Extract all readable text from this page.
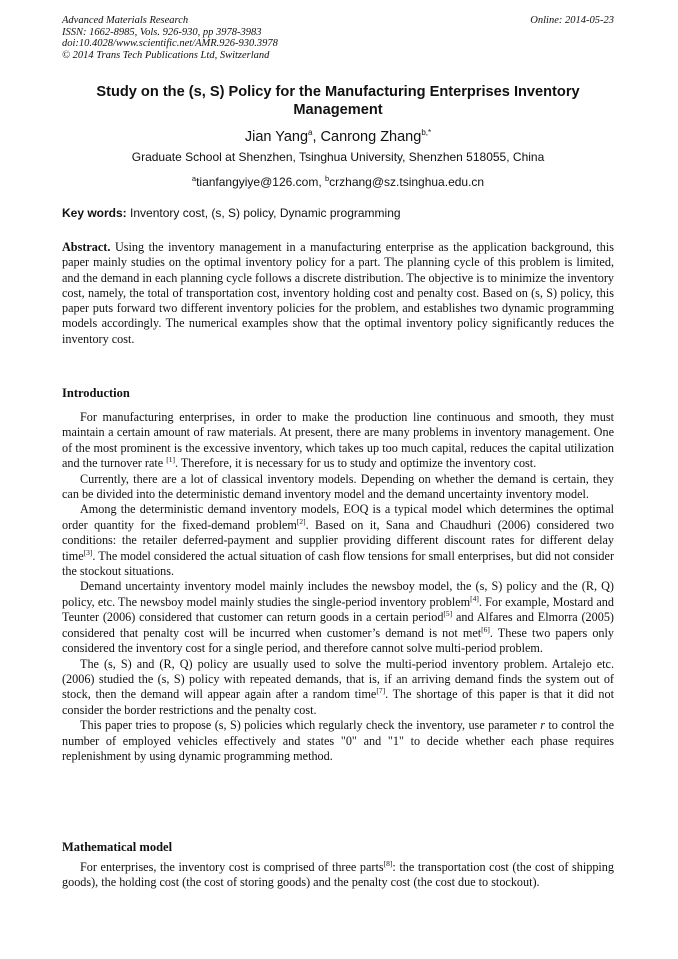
Advanced Materials Research
ISSN: 1662-8985, Vols. 926-930, pp 3978-3983
doi:10.4028/www.scientific.net/AMR.926-930.3978
© 2014 Trans Tech Publications Ltd, Switzerland
Online: 2014-05-23
Study on the (s, S) Policy for the Manufacturing Enterprises Inventory Management
Jian Yang$^a$, Canrong Zhang$^{b,*}$
Graduate School at Shenzhen, Tsinghua University, Shenzhen 518055, China
$^a$tianfangyiye@126.com, $^b$crzhang@sz.tsinghua.edu.cn
Key words: Inventory cost, (s, S) policy, Dynamic programming

Abstract. Using the inventory management in a manufacturing enterprise as the application background, this paper mainly studies on the optimal inventory policy for a part. The planning cycle of this problem is limited, and the demand in each planning cycle follows a discrete distribution. The objective is to minimize the inventory cost, namely, the total of transportation cost, inventory holding cost and penalty cost. Based on (s, S) policy, this paper puts forward two different inventory policies for the problem, and establishes two dynamic programming models accordingly. The numerical examples show that the optimal inventory policy significantly reduces the inventory cost.

Introduction

For manufacturing enterprises, in order to make the production line continuous and smooth, they must maintain a certain amount of raw materials. At present, there are many problems in inventory management. One of the most prominent is the excessive inventory, which takes up too much capital, reduces the capital utilization and the turnover rate [1]. Therefore, it is necessary for us to study and optimize the inventory cost.

Currently, there are a lot of classical inventory models. Depending on whether the demand is certain, they can be divided into the deterministic demand inventory model and the demand uncertainty inventory model.

Among the deterministic demand inventory models, EOQ is a typical model which determines the optimal order quantity for the fixed-demand problem[2]. Based on it, Sana and Chaudhuri (2006) considered two conditions: the retailer deferred-payment and supplier providing different discount rates for different delay time[3]. The model considered the actual situation of cash flow tensions for small enterprises, but did not consider the stockout situations.

Demand uncertainty inventory model mainly includes the newsboy model, the (s, S) policy and the (R, Q) policy, etc. The newsboy model mainly studies the single-period inventory problem[4]. For example, Mostard and Teunter (2006) considered that customer can return goods in a certain period[5] and Alfares and Elmorra (2005) considered that penalty cost will be incurred when customer’s demand is not met[6]. These two papers only considered the inventory cost for a single period, and therefore cannot solve multi-period problem.

The (s, S) and (R, Q) policy are usually used to solve the multi-period inventory problem. Artalejo etc. (2006) studied the (s, S) policy with repeated demands, that is, if an arriving demand finds the system out of stock, then the demand will appear again after a random time[7]. The shortage of this paper is that it did not consider the border restrictions and the penalty cost.

This paper tries to propose (s, S) policies which regularly check the inventory, use parameter r to control the number of employed vehicles effectively and states "0" and "1" to decide whether each phase requires replenishment by using dynamic programming method.

Mathematical model

For enterprises, the inventory cost is comprised of three parts[8]: the transportation cost (the cost of shipping goods), the holding cost (the cost of storing goods) and the penalty cost (the cost due to stockout).
